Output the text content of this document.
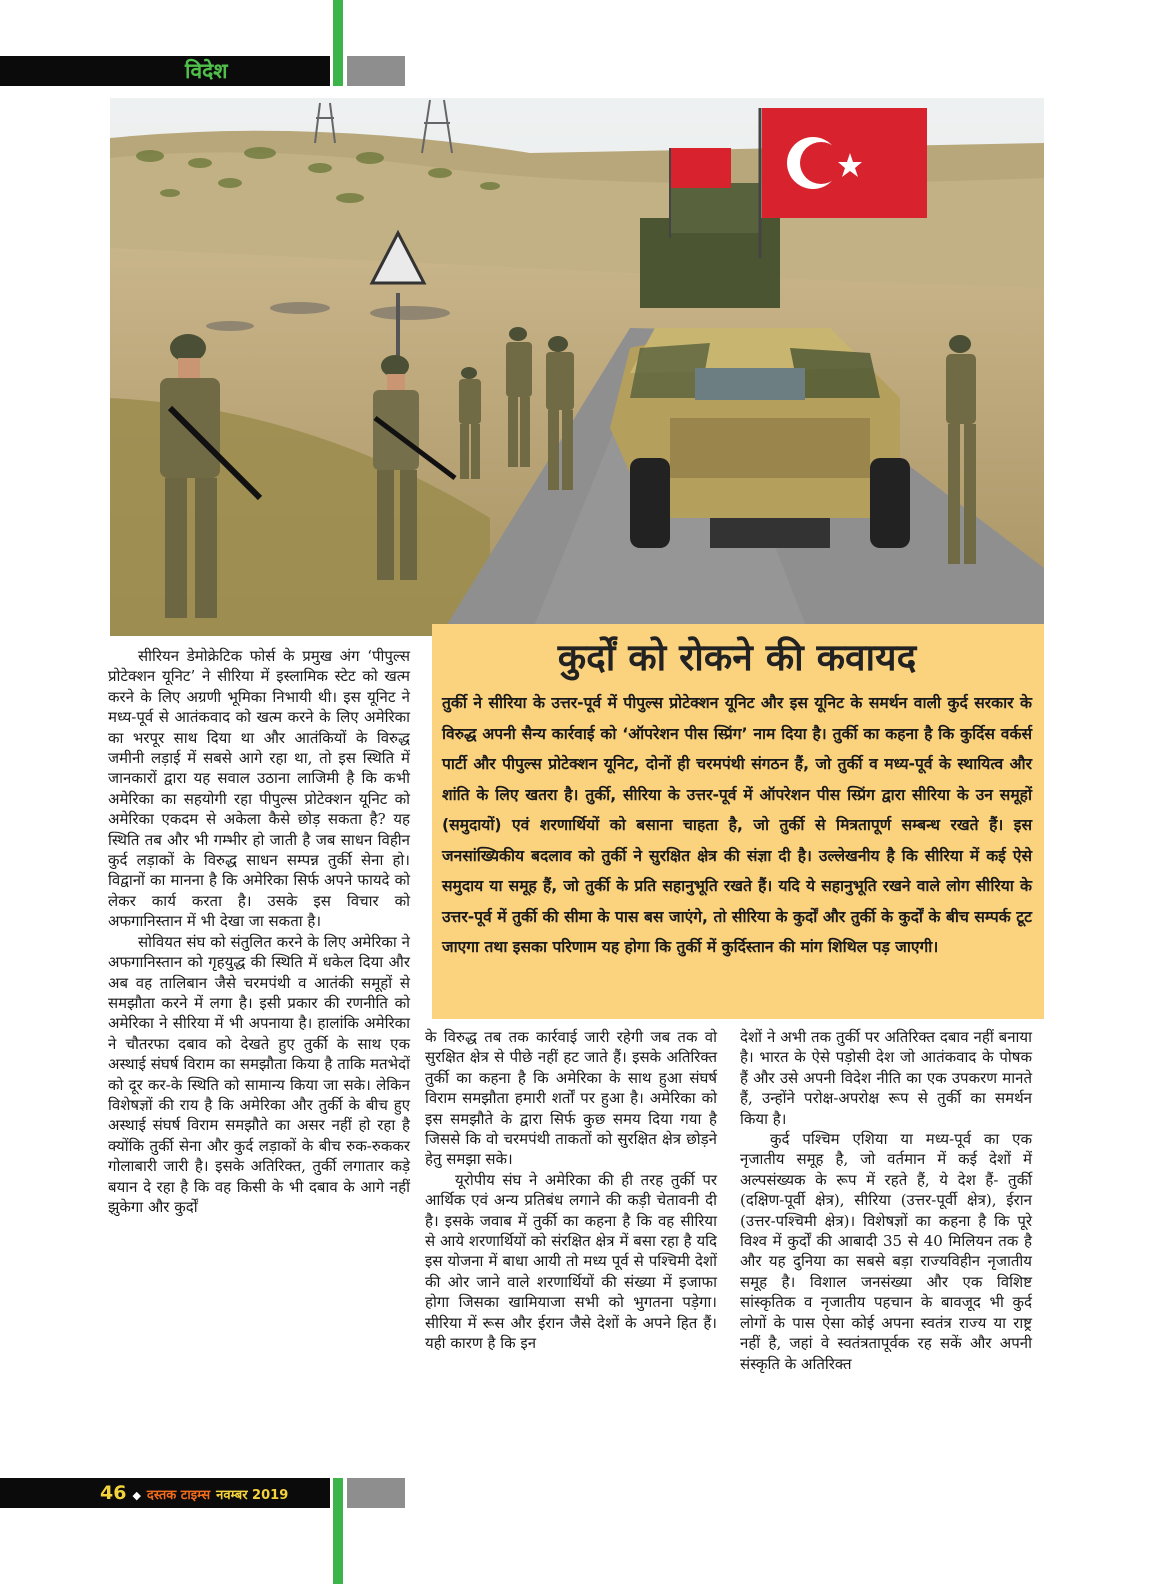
विदेश
कुर्दों को रोकने की कवायद

तुर्की ने सीरिया के उत्तर-पूर्व में पीपुल्स प्रोटेक्शन यूनिट और इस यूनिट के समर्थन वाली कुर्द सरकार के विरुद्ध अपनी सैन्य कार्रवाई को ‘ऑपरेशन पीस स्प्रिंग’ नाम दिया है। तुर्की का कहना है कि कुर्दिस वर्कर्स पार्टी और पीपुल्स प्रोटेक्शन यूनिट, दोनों ही चरमपंथी संगठन हैं, जो तुर्की व मध्य-पूर्व के स्थायित्व और शांति के लिए खतरा है। तुर्की, सीरिया के उत्तर-पूर्व में ऑपरेशन पीस स्प्रिंग द्वारा सीरिया के उन समूहों (समुदायों) एवं शरणार्थियों को बसाना चाहता है, जो तुर्की से मित्रतापूर्ण सम्बन्ध रखते हैं। इस जनसांख्यिकीय बदलाव को तुर्की ने सुरक्षित क्षेत्र की संज्ञा दी है। उल्लेखनीय है कि सीरिया में कई ऐसे समुदाय या समूह हैं, जो तुर्की के प्रति सहानुभूति रखते हैं। यदि ये सहानुभूति रखने वाले लोग सीरिया के उत्तर-पूर्व में तुर्की की सीमा के पास बस जाएंगे, तो सीरिया के कुर्दों और तुर्की के कुर्दों के बीच सम्पर्क टूट जाएगा तथा इसका परिणाम यह होगा कि तुर्की में कुर्दिस्तान की मांग शिथिल पड़ जाएगी।

सीरियन डेमोक्रेटिक फोर्स के प्रमुख अंग ‘पीपुल्स प्रोटेक्शन यूनिट’ ने सीरिया में इस्लामिक स्टेट को खत्म करने के लिए अग्रणी भूमिका निभायी थी। इस यूनिट ने मध्य-पूर्व से आतंकवाद को खत्म करने के लिए अमेरिका का भरपूर साथ दिया था और आतंकियों के विरुद्ध जमीनी लड़ाई में सबसे आगे रहा था, तो इस स्थिति में जानकारों द्वारा यह सवाल उठाना लाजिमी है कि कभी अमेरिका का सहयोगी रहा पीपुल्स प्रोटेक्शन यूनिट को अमेरिका एकदम से अकेला कैसे छोड़ सकता है? यह स्थिति तब और भी गम्भीर हो जाती है जब साधन विहीन कुर्द लड़ाकों के विरुद्ध साधन सम्पन्न तुर्की सेना हो। विद्वानों का मानना है कि अमेरिका सिर्फ अपने फायदे को लेकर कार्य करता है। उसके इस विचार को अफगानिस्तान में भी देखा जा सकता है।

सोवियत संघ को संतुलित करने के लिए अमेरिका ने अफगानिस्तान को गृहयुद्ध की स्थिति में धकेल दिया और अब वह तालिबान जैसे चरमपंथी व आतंकी समूहों से समझौता करने में लगा है। इसी प्रकार की रणनीति को अमेरिका ने सीरिया में भी अपनाया है। हालांकि अमेरिका ने चौतरफा दबाव को देखते हुए तुर्की के साथ एक अस्थाई संघर्ष विराम का समझौता किया है ताकि मतभेदों को दूर कर-के स्थिति को सामान्य किया जा सके। लेकिन विशेषज्ञों की राय है कि अमेरिका और तुर्की के बीच हुए अस्थाई संघर्ष विराम समझौते का असर नहीं हो रहा है क्योंकि तुर्की सेना और कुर्द लड़ाकों के बीच रुक-रुककर गोलाबारी जारी है। इसके अतिरिक्त, तुर्की लगातार कड़े बयान दे रहा है कि वह किसी के भी दबाव के आगे नहीं झुकेगा और कुर्दों

के विरुद्ध तब तक कार्रवाई जारी रहेगी जब तक वो सुरक्षित क्षेत्र से पीछे नहीं हट जाते हैं। इसके अतिरिक्त तुर्की का कहना है कि अमेरिका के साथ हुआ संघर्ष विराम समझौता हमारी शर्तों पर हुआ है। अमेरिका को इस समझौते के द्वारा सिर्फ कुछ समय दिया गया है जिससे कि वो चरमपंथी ताकतों को सुरक्षित क्षेत्र छोड़ने हेतु समझा सके।

यूरोपीय संघ ने अमेरिका की ही तरह तुर्की पर आर्थिक एवं अन्य प्रतिबंध लगाने की कड़ी चेतावनी दी है। इसके जवाब में तुर्की का कहना है कि वह सीरिया से आये शरणार्थियों को संरक्षित क्षेत्र में बसा रहा है यदि इस योजना में बाधा आयी तो मध्य पूर्व से पश्चिमी देशों की ओर जाने वाले शरणार्थियों की संख्या में इजाफा होगा जिसका खामियाजा सभी को भुगतना पड़ेगा। सीरिया में रूस और ईरान जैसे देशों के अपने हित हैं। यही कारण है कि इन

देशों ने अभी तक तुर्की पर अतिरिक्त दबाव नहीं बनाया है। भारत के ऐसे पड़ोसी देश जो आतंकवाद के पोषक हैं और उसे अपनी विदेश नीति का एक उपकरण मानते हैं, उन्होंने परोक्ष-अपरोक्ष रूप से तुर्की का समर्थन किया है।

कुर्द पश्चिम एशिया या मध्य-पूर्व का एक नृजातीय समूह है, जो वर्तमान में कई देशों में अल्पसंख्यक के रूप में रहते हैं, ये देश हैं- तुर्की (दक्षिण-पूर्वी क्षेत्र), सीरिया (उत्तर-पूर्वी क्षेत्र), ईरान (उत्तर-पश्चिमी क्षेत्र)। विशेषज्ञों का कहना है कि पूरे विश्व में कुर्दों की आबादी 35 से 40 मिलियन तक है और यह दुनिया का सबसे बड़ा राज्यविहीन नृजातीय समूह है। विशाल जनसंख्या और एक विशिष्ट सांस्कृतिक व नृजातीय पहचान के बावजूद भी कुर्द लोगों के पास ऐसा कोई अपना स्वतंत्र राज्य या राष्ट्र नहीं है, जहां वे स्वतंत्रतापूर्वक रह सकें और अपनी संस्कृति के अतिरिक्त

46 ◆ दस्तक टाइम्स नवम्बर 2019
